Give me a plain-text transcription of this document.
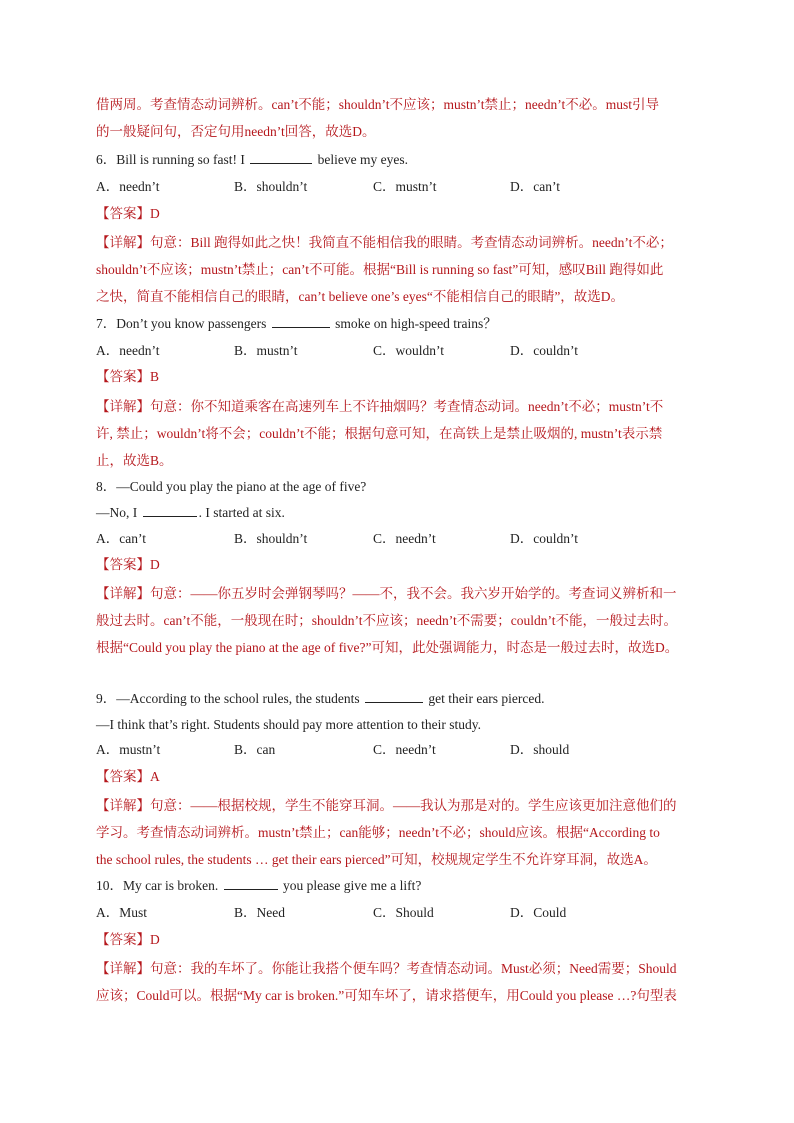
借两周。考查情态动词辨析。can’t不能；shouldn’t不应该；mustn’t禁止；needn’t不必。must引导
的一般疑问句，否定句用needn’t回答，故选D。
6．Bill is running so fast! I	believe my eyes.
A．needn’t	B．shouldn’t	C．mustn’t	D．can’t
【答案】D
【详解】句意：Bill 跑得如此之快！我简直不能相信我的眼睛。考查情态动词辨析。needn’t不必；
shouldn’t不应该；mustn’t禁止；can’t不可能。根据“Bill is running so fast”可知，感叹Bill 跑得如此
之快，简直不能相信自己的眼睛，can’t believe one’s eyes“不能相信自己的眼睛”，故选D。
7．Don’t you know passengers	smoke on high-speed trains？
A．needn’t	B．mustn’t	C．wouldn’t	D．couldn’t
【答案】B
【详解】句意：你不知道乘客在高速列车上不许抽烟吗？考查情态动词。needn’t不必；mustn’t不
许, 禁止；wouldn’t将不会；couldn’t不能；根据句意可知，在高铁上是禁止吸烟的, mustn’t表示禁
止，故选B。
8．—Could you play the piano at the age of five?
—No, I	. I started at six.
A．can’t	B．shouldn’t	C．needn’t	D．couldn’t
【答案】D
【详解】句意：——你五岁时会弹钢琴吗？——不，我不会。我六岁开始学的。考查词义辨析和一
般过去时。can’t不能，一般现在时；shouldn’t不应该；needn’t不需要；couldn’t不能，一般过去时。
根据“Could you play the piano at the age of five?”可知，此处强调能力，时态是一般过去时，故选D。
9．—According to the school rules, the students	get their ears pierced.
—I think that’s right. Students should pay more attention to their study.
A．mustn’t	B．can	C．needn’t	D．should
【答案】A
【详解】句意：——根据校规，学生不能穿耳洞。——我认为那是对的。学生应该更加注意他们的
学习。考查情态动词辨析。mustn’t禁止；can能够；needn’t不必；should应该。根据“According to
the school rules, the students … get their ears pierced”可知，校规规定学生不允许穿耳洞，故选A。
10．My car is broken.	you please give me a lift?
A．Must	B．Need	C．Should	D．Could
【答案】D
【详解】句意：我的车坏了。你能让我搭个便车吗？考查情态动词。Must必须；Need需要；Should
应该；Could可以。根据“My car is broken.”可知车坏了，请求搭便车，用Could you please …?句型表
